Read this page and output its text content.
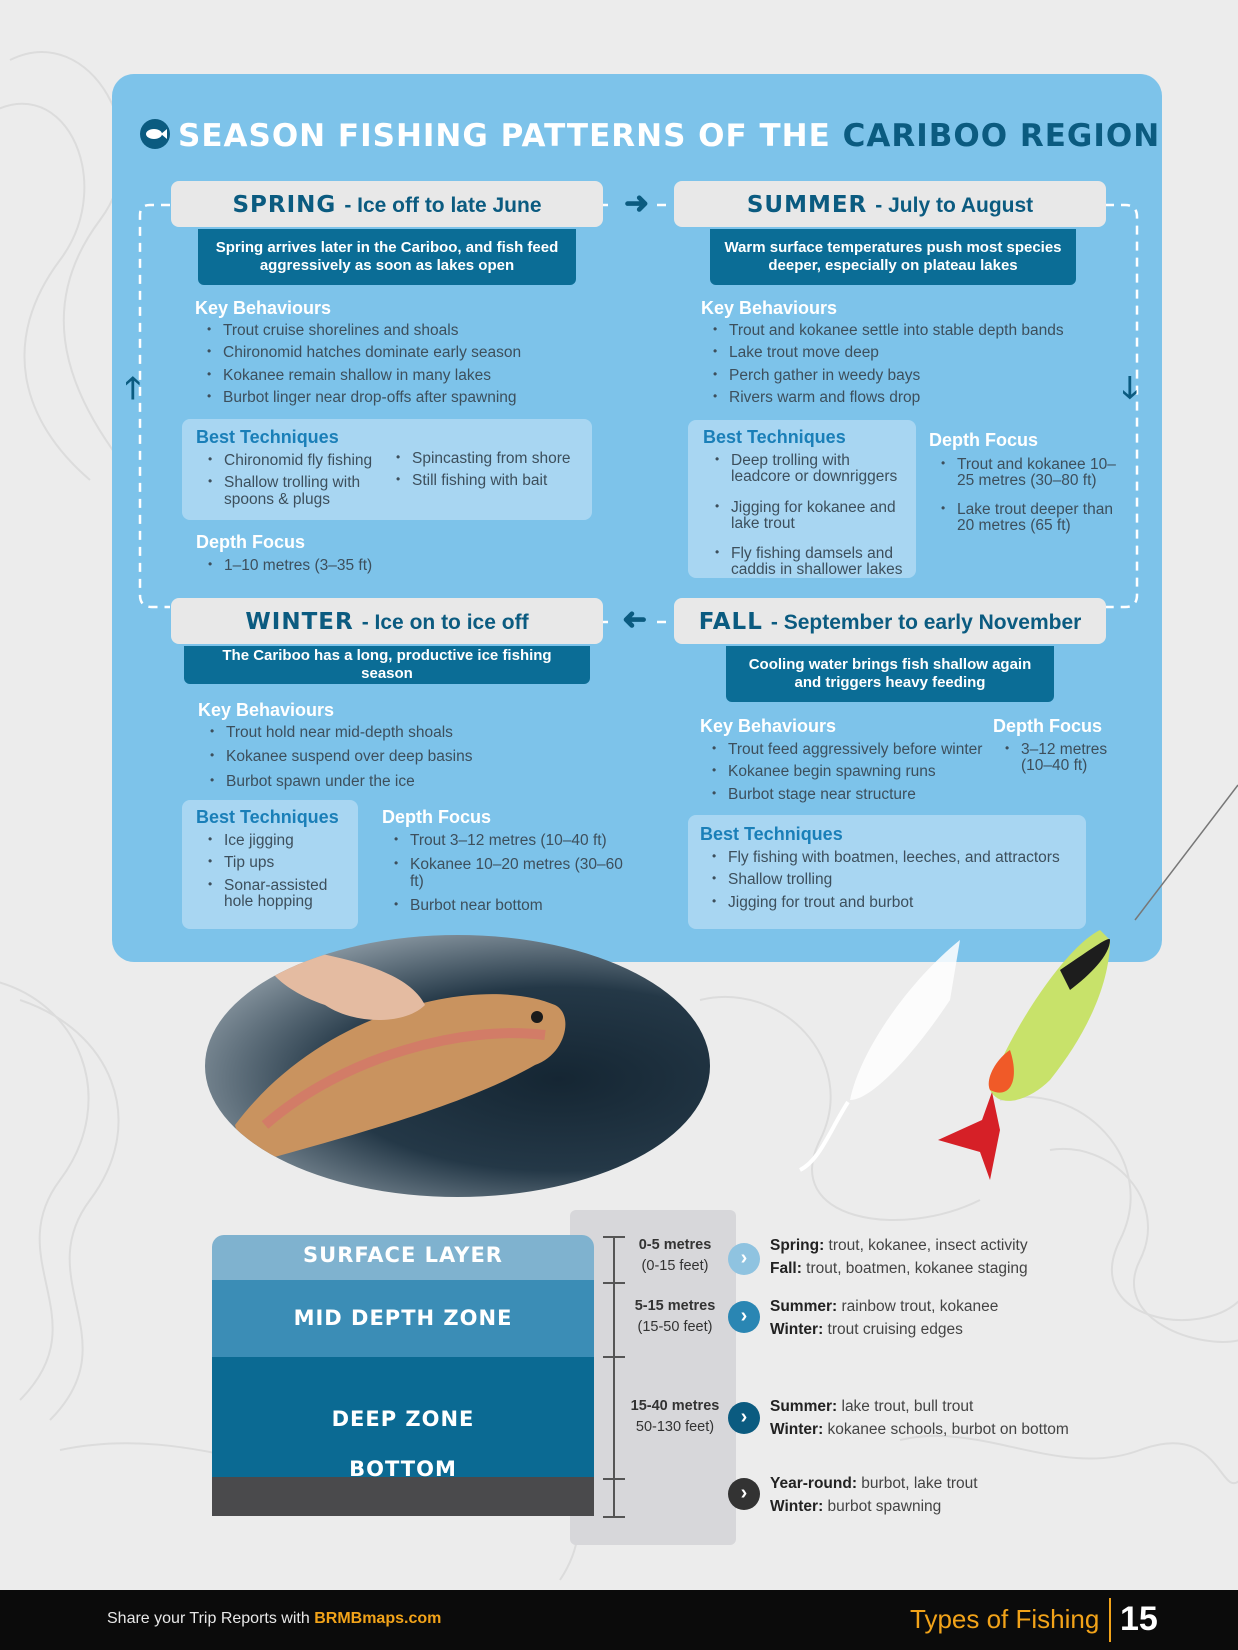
SEASON FISHING PATTERNS OF THE CARIBOO REGION
➜
➜
🡑	🡓
SPRING - Ice off to late June
Spring arrives later in the Cariboo, and fish feed aggressively as soon as lakes open
Key Behaviours
• Trout cruise shorelines and shoals
• Chironomid hatches dominate early season
• Kokanee remain shallow in many lakes
• Burbot linger near drop-offs after spawning
Best Techniques
• Chironomid fly fishing
• Shallow trolling with spoons & plugs
• Spincasting from shore
• Still fishing with bait
Depth Focus
• 1–10 metres (3–35 ft)
SUMMER - July to August
Warm surface temperatures push most species deeper, especially on plateau lakes
Key Behaviours
• Trout and kokanee settle into stable depth bands
• Lake trout move deep
• Perch gather in weedy bays
• Rivers warm and flows drop
Best Techniques
• Deep trolling with leadcore or downriggers
• Jigging for kokanee and lake trout
• Fly fishing damsels and caddis in shallower lakes
Depth Focus
• Trout and kokanee 10–25 metres (30–80 ft)
• Lake trout deeper than 20 metres (65 ft)
WINTER - Ice on to ice off
The Cariboo has a long, productive ice fishing season
Key Behaviours
• Trout hold near mid-depth shoals
• Kokanee suspend over deep basins
• Burbot spawn under the ice
Best Techniques
• Ice jigging
• Tip ups
• Sonar-assisted hole hopping
Depth Focus
• Trout 3–12 metres (10–40 ft)
• Kokanee 10–20 metres (30–60 ft)
• Burbot near bottom
FALL - September to early November
Cooling water brings fish shallow again and triggers heavy feeding
Key Behaviours
• Trout feed aggressively before winter
• Kokanee begin spawning runs
• Burbot stage near structure
Depth Focus
• 3–12 metres (10–40 ft)
Best Techniques
• Fly fishing with boatmen, leeches, and attractors
• Shallow trolling
• Jigging for trout and burbot
SURFACE LAYER
MID DEPTH ZONE
DEEP ZONE
BOTTOM
0-5 metres
(0-15 feet)
5-15 metres
(15-50 feet)
15-40 metres
50-130 feet)
›
›
›
›
Spring: trout, kokanee, insect activity
Fall: trout, boatmen, kokanee staging
Summer: rainbow trout, kokanee
Winter: trout cruising edges
Summer: lake trout, bull trout
Winter: kokanee schools, burbot on bottom
Year-round: burbot, lake trout
Winter: burbot spawning
Share your Trip Reports with BRMBmaps.com	Types of Fishing 15
